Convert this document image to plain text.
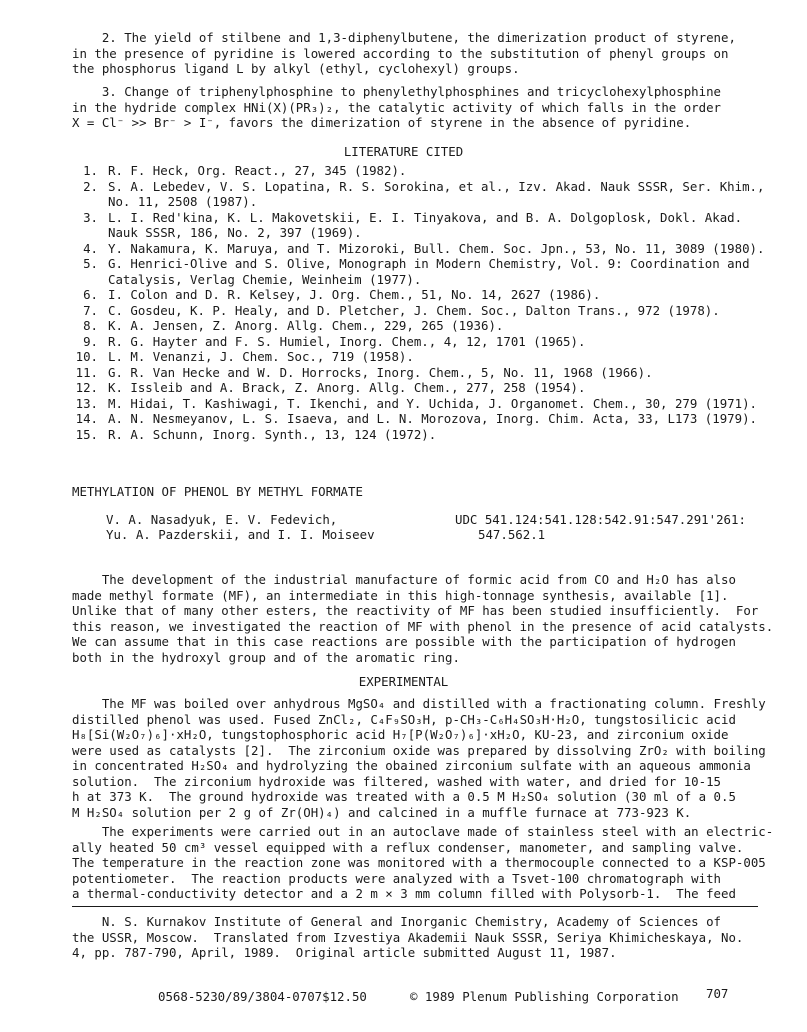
2. The yield of stilbene and 1,3-diphenylbutene, the dimerization product of styrene,
in the presence of pyridine is lowered according to the substitution of phenyl groups on
the phosphorus ligand L by alkyl (ethyl, cyclohexyl) groups.
3. Change of triphenylphosphine to phenylethylphosphines and tricyclohexylphosphine
in the hydride complex HNi(X)(PR₃)₂, the catalytic activity of which falls in the order
X = Cl⁻ >> Br⁻ > I⁻, favors the dimerization of styrene in the absence of pyridine.
LITERATURE CITED
1. R. F. Heck, Org. React., 27, 345 (1982).
2. S. A. Lebedev, V. S. Lopatina, R. S. Sorokina, et al., Izv. Akad. Nauk SSSR, Ser. Khim.,
No. 11, 2508 (1987).
3. L. I. Red'kina, K. L. Makovetskii, E. I. Tinyakova, and B. A. Dolgoplosk, Dokl. Akad.
Nauk SSSR, 186, No. 2, 397 (1969).
4. Y. Nakamura, K. Maruya, and T. Mizoroki, Bull. Chem. Soc. Jpn., 53, No. 11, 3089 (1980).
5. G. Henrici-Olive and S. Olive, Monograph in Modern Chemistry, Vol. 9: Coordination and
Catalysis, Verlag Chemie, Weinheim (1977).
6. I. Colon and D. R. Kelsey, J. Org. Chem., 51, No. 14, 2627 (1986).
7. C. Gosdeu, K. P. Healy, and D. Pletcher, J. Chem. Soc., Dalton Trans., 972 (1978).
8. K. A. Jensen, Z. Anorg. Allg. Chem., 229, 265 (1936).
9. R. G. Hayter and F. S. Humiel, Inorg. Chem., 4, 12, 1701 (1965).
10. L. M. Venanzi, J. Chem. Soc., 719 (1958).
11. G. R. Van Hecke and W. D. Horrocks, Inorg. Chem., 5, No. 11, 1968 (1966).
12. K. Issleib and A. Brack, Z. Anorg. Allg. Chem., 277, 258 (1954).
13. M. Hidai, T. Kashiwagi, T. Ikenchi, and Y. Uchida, J. Organomet. Chem., 30, 279 (1971).
14. A. N. Nesmeyanov, L. S. Isaeva, and L. N. Morozova, Inorg. Chim. Acta, 33, L173 (1979).
15. R. A. Schunn, Inorg. Synth., 13, 124 (1972).
METHYLATION OF PHENOL BY METHYL FORMATE
V. A. Nasadyuk, E. V. Fedevich,
Yu. A. Pazderskii, and I. I. Moiseev
UDC 541.124:541.128:542.91:547.291'261:
547.562.1
The development of the industrial manufacture of formic acid from CO and H₂O has also
made methyl formate (MF), an intermediate in this high-tonnage synthesis, available [1].
Unlike that of many other esters, the reactivity of MF has been studied insufficiently.  For
this reason, we investigated the reaction of MF with phenol in the presence of acid catalysts.
We can assume that in this case reactions are possible with the participation of hydrogen
both in the hydroxyl group and of the aromatic ring.
EXPERIMENTAL
The MF was boiled over anhydrous MgSO₄ and distilled with a fractionating column. Freshly
distilled phenol was used. Fused ZnCl₂, C₄F₉SO₃H, p-CH₃-C₆H₄SO₃H·H₂O, tungstosilicic acid
H₈[Si(W₂O₇)₆]·xH₂O, tungstophosphoric acid H₇[P(W₂O₇)₆]·xH₂O, KU-23, and zirconium oxide
were used as catalysts [2].  The zirconium oxide was prepared by dissolving ZrO₂ with boiling
in concentrated H₂SO₄ and hydrolyzing the obained zirconium sulfate with an aqueous ammonia
solution.  The zirconium hydroxide was filtered, washed with water, and dried for 10-15
h at 373 K.  The ground hydroxide was treated with a 0.5 M H₂SO₄ solution (30 ml of a 0.5
M H₂SO₄ solution per 2 g of Zr(OH)₄) and calcined in a muffle furnace at 773-923 K.
The experiments were carried out in an autoclave made of stainless steel with an electric-
ally heated 50 cm³ vessel equipped with a reflux condenser, manometer, and sampling valve.
The temperature in the reaction zone was monitored with a thermocouple connected to a KSP-005
potentiometer.  The reaction products were analyzed with a Tsvet-100 chromatograph with
a thermal-conductivity detector and a 2 m × 3 mm column filled with Polysorb-1.  The feed
N. S. Kurnakov Institute of General and Inorganic Chemistry, Academy of Sciences of
the USSR, Moscow.  Translated from Izvestiya Akademii Nauk SSSR, Seriya Khimicheskaya, No.
4, pp. 787-790, April, 1989.  Original article submitted August 11, 1987.
0568-5230/89/3804-0707$12.50	© 1989 Plenum Publishing Corporation 707
